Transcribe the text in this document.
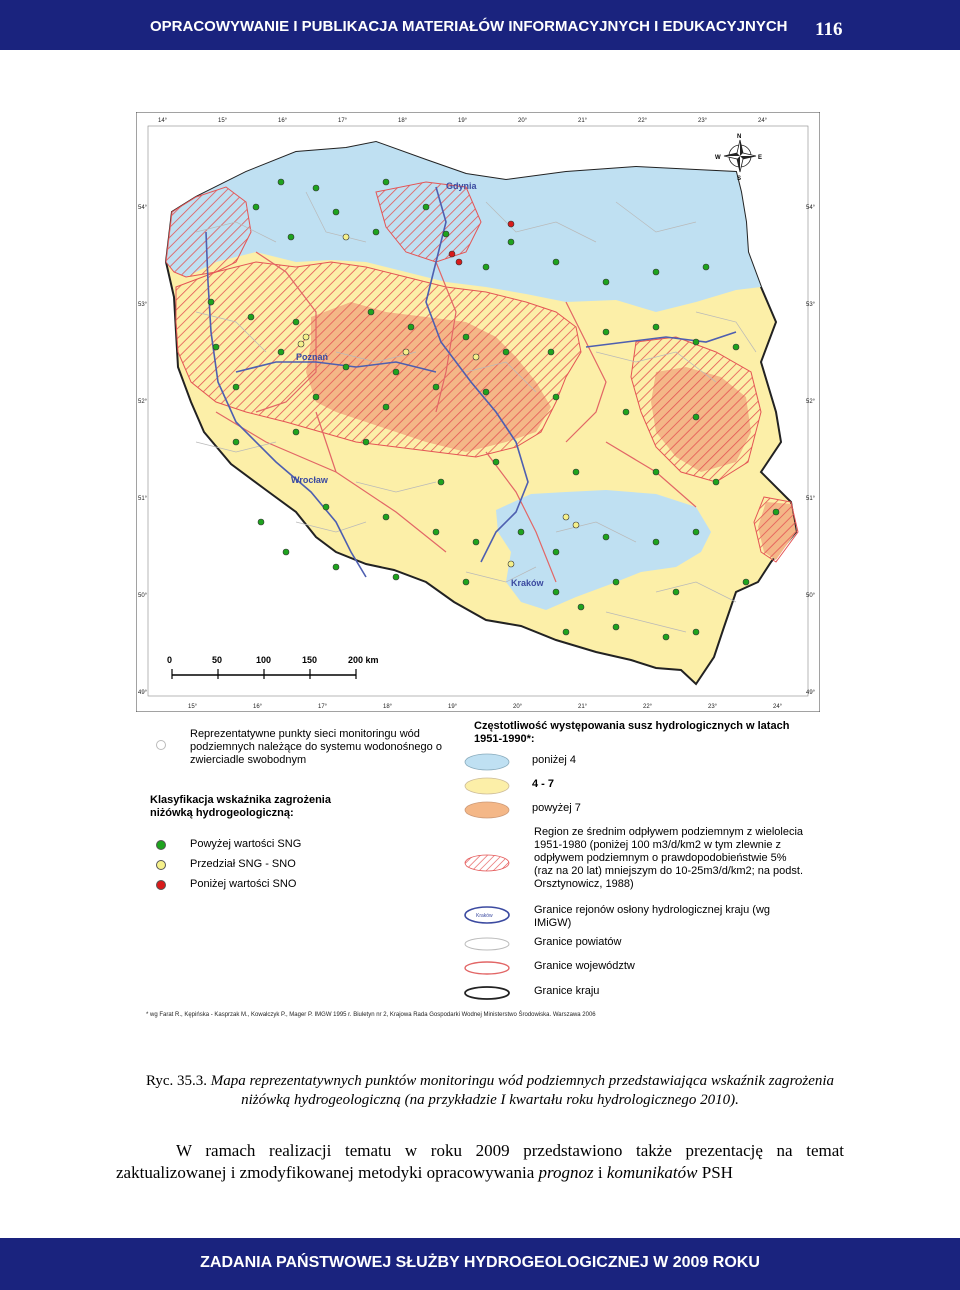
OPRACOWYWANIE I PUBLIKACJA MATERIAŁÓW INFORMACYJNYCH I EDUKACYJNYCH 116
54°	54°
53°	53°
52°	52°
51°	51°
50°	50°
49°	49°
14°	15°	16°	17°	18°	19°	20°	21°	22°	23°	24°
15°	16°	17°	18°	19°	20°	21°	22°	23°	24°
N
S
E
W
Gdynia
Poznań
Wrocław
Kraków
0	50	100	150	200 km
Reprezentatywne punkty sieci monitoringu wód podziemnych należące do systemu wodonośnego o zwierciadle swobodnym
Klasyfikacja wskaźnika zagrożenia niżówką hydrogeologiczną:
Powyżej wartości SNG
Przedział SNG - SNO
Poniżej wartości SNO
Częstotliwość występowania susz hydrologicznych w latach 1951-1990*:
poniżej 4
4 - 7
powyżej 7
Region ze średnim odpływem podziemnym z wielolecia 1951-1980 (poniżej 100 m3/d/km2 w tym zlewnie z odpływem podziemnym o prawdopodobieństwie 5% (raz na 20 lat) mniejszym do 10-25m3/d/km2; na podst. Orsztynowicz, 1988)
Kraków	Granice rejonów osłony hydrologicznej kraju (wg IMiGW)
Granice powiatów
Granice województw
Granice kraju
* wg Farat R., Kępińska - Kasprzak M., Kowalczyk P., Mager P. IMGW 1995 r. Biuletyn nr 2, Krajowa Rada Gospodarki Wodnej Ministerstwo Środowiska. Warszawa 2006
Ryc. 35.3. Mapa reprezentatywnych punktów monitoringu wód podziemnych przedstawiająca wskaźnik zagrożenia niżówką hydrogeologiczną (na przykładzie I kwartału roku hydrologicznego 2010).

W ramach realizacji tematu w roku 2009 przedstawiono także prezentację na temat zaktualizowanej i zmodyfikowanej metodyki opracowywania prognoz i komunikatów PSH

ZADANIA PAŃSTWOWEJ SŁUŻBY HYDROGEOLOGICZNEJ W 2009 ROKU
